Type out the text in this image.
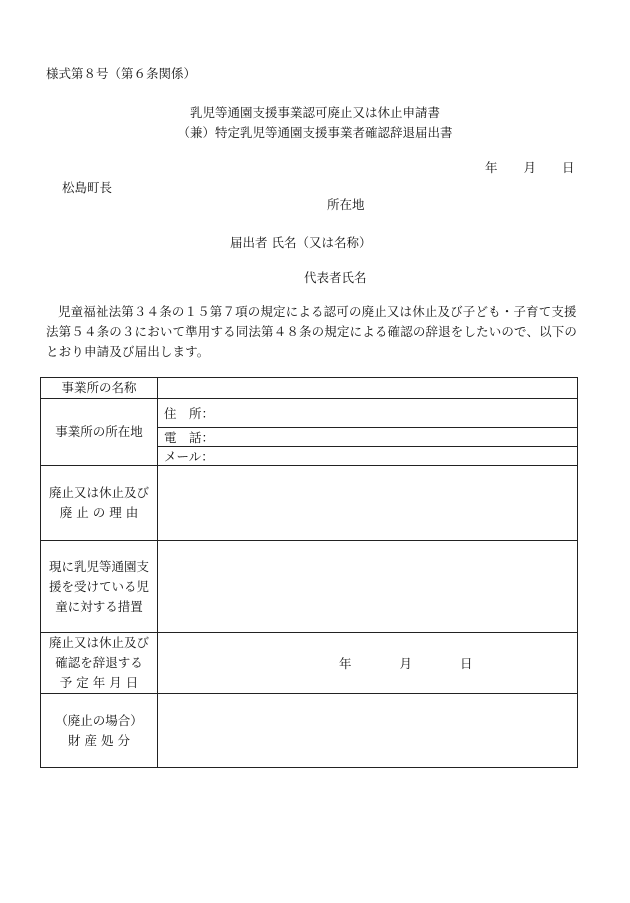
様式第８号（第６条関係）
乳児等通園支援事業認可廃止又は休止申請書
（兼）特定乳児等通園支援事業者確認辞退届出書
年 月 日
松島町長
所在地
届出者 氏名（又は名称）
代表者氏名
児童福祉法第３４条の１５第７項の規定による認可の廃止又は休止及び子ども・子育て支援法第５４条の３において準用する同法第４８条の規定による確認の辞退をしたいので、以下のとおり申請及び届出します。
事業所の名称	
事業所の所在地	住　所：
	電　話：
	メール：

廃止又は休止及び
廃 止 の 理 由	

現に乳児等通園支
援を受けている児
童に対する措置	

廃止又は休止及び
確認を辞退する
予 定 年 月 日	年 月 日

（廃止の場合）
財 産 処 分	
